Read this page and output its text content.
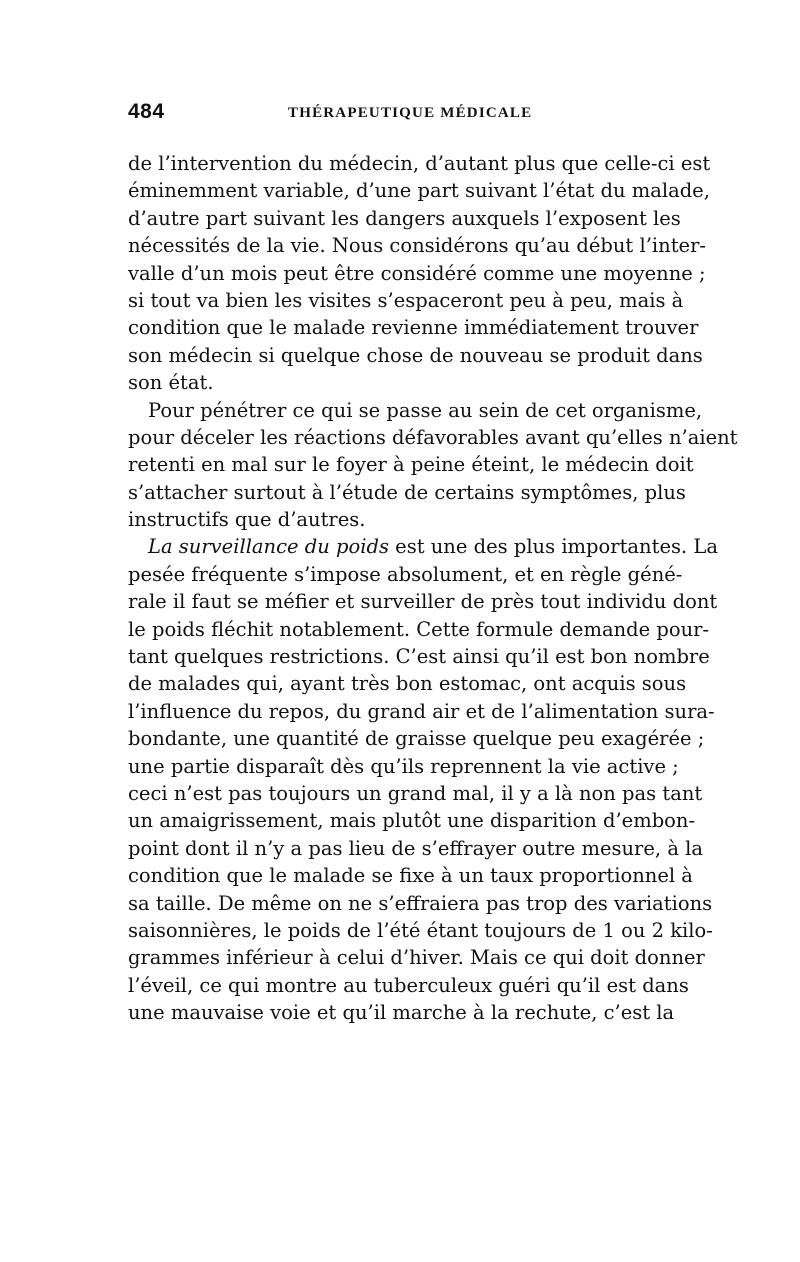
484	THÉRAPEUTIQUE MÉDICALE
de l’intervention du médecin, d’autant plus que celle-ci est
éminemment variable, d’une part suivant l’état du malade,
d’autre part suivant les dangers auxquels l’exposent les
nécessités de la vie. Nous considérons qu’au début l’inter-
valle d’un mois peut être considéré comme une moyenne ;
si tout va bien les visites s’espaceront peu à peu, mais à
condition que le malade revienne immédiatement trouver
son médecin si quelque chose de nouveau se produit dans
son état.
Pour pénétrer ce qui se passe au sein de cet organisme,
pour déceler les réactions défavorables avant qu’elles n’aient
retenti en mal sur le foyer à peine éteint, le médecin doit
s’attacher surtout à l’étude de certains symptômes, plus
instructifs que d’autres.
La surveillance du poids est une des plus importantes. La
pesée fréquente s’impose absolument, et en règle géné-
rale il faut se méfier et surveiller de près tout individu dont
le poids fléchit notablement. Cette formule demande pour-
tant quelques restrictions. C’est ainsi qu’il est bon nombre
de malades qui, ayant très bon estomac, ont acquis sous
l’influence du repos, du grand air et de l’alimentation sura-
bondante, une quantité de graisse quelque peu exagérée ;
une partie disparaît dès qu’ils reprennent la vie active ;
ceci n’est pas toujours un grand mal, il y a là non pas tant
un amaigrissement, mais plutôt une disparition d’embon-
point dont il n’y a pas lieu de s’effrayer outre mesure, à la
condition que le malade se fixe à un taux proportionnel à
sa taille. De même on ne s’effraiera pas trop des variations
saisonnières, le poids de l’été étant toujours de 1 ou 2 kilo-
grammes inférieur à celui d’hiver. Mais ce qui doit donner
l’éveil, ce qui montre au tuberculeux guéri qu’il est dans
une mauvaise voie et qu’il marche à la rechute, c’est la
